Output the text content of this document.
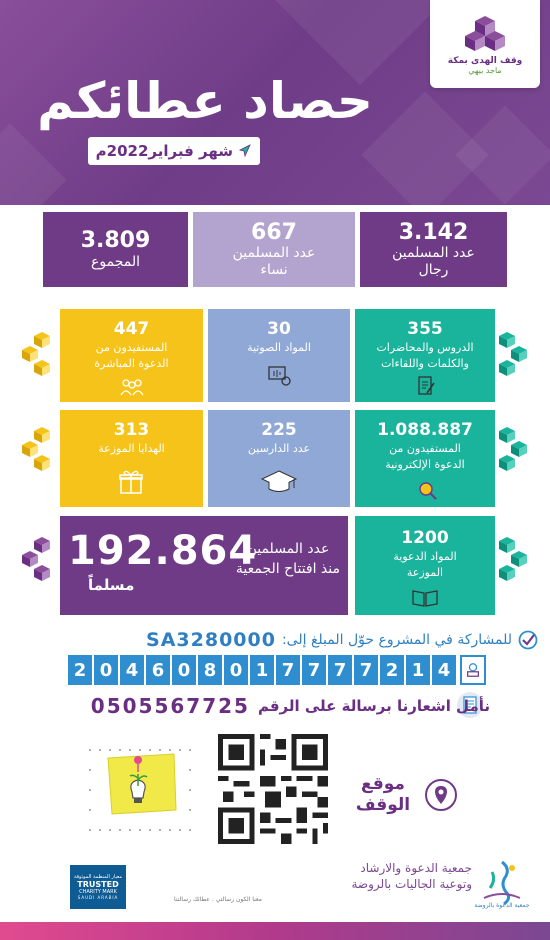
وقف الهدى بمكة
ماجد بيهي
حصاد عطائكم
شهر فبراير2022م
3.142
عدد المسلمين
رجال
667
عدد المسلمين
نساء
3.809
المجموع
355
الدروس والمحاضرات
والكلمات واللقاءات
30
المواد الصوتية
447
المستفيدون من
الدعوة المباشرة
1.088.887
المستفيدون من
الدعوة الإلكترونية
225
عدد الدارسين
313
الهدايا الموزعة
192.864
مسلماً
عدد المسلمين
منذ افتتاح الجمعية
1200
المواد الدعوية
الموزعة
للمشاركة في المشروع حوّل المبلغ إلى:
SA3280000
2 0 4 6 0 8 0 1 7 7 7 7 2 1 4
نأمل اشعارنا برسالة على الرقم
0505567725
موقع
الوقف
معيار المنظمة الموثوقة
TRUSTED
CHARITY MARK
SAUDI ARABIA
جمعية الدعوة والارشاد
وتوعية الجاليات بالروضة
معنا الكون رسالتي . عطائك رسالتنا
جمعية الدعوة بالروضة
